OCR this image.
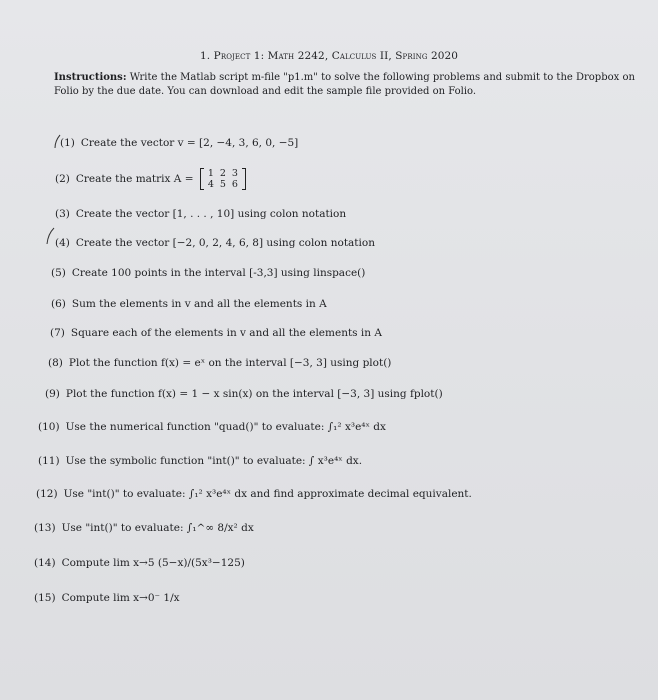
1. Project 1: Math 2242, Calculus II, Spring 2020
Instructions: Write the Matlab script m-file "p1.m" to solve the following problems and submit to the Dropbox on Folio by the due date. You can download and edit the sample file provided on Folio.
(1) Create the vector v = [2, −4, 3, 6, 0, −5]
(2) Create the matrix A =	1 2 3
4 5 6
(3) Create the vector [1, . . . , 10] using colon notation
(4) Create the vector [−2, 0, 2, 4, 6, 8] using colon notation
(5) Create 100 points in the interval [-3,3] using linspace()
(6) Sum the elements in v and all the elements in A
(7) Square each of the elements in v and all the elements in A
(8) Plot the function f(x) = eˣ on the interval [−3, 3] using plot()
(9) Plot the function f(x) = 1 − x sin(x) on the interval [−3, 3] using fplot()
(10) Use the numerical function "quad()" to evaluate: ∫₁² x³e⁴ˣ dx
(11) Use the symbolic function "int()" to evaluate: ∫ x³e⁴ˣ dx.
(12) Use "int()" to evaluate: ∫₁² x³e⁴ˣ dx and find approximate decimal equivalent.
(13) Use "int()" to evaluate: ∫₁^∞ 8/x² dx
(14) Compute lim x→5 (5−x)/(5x³−125)
(15) Compute lim x→0⁻ 1/x
